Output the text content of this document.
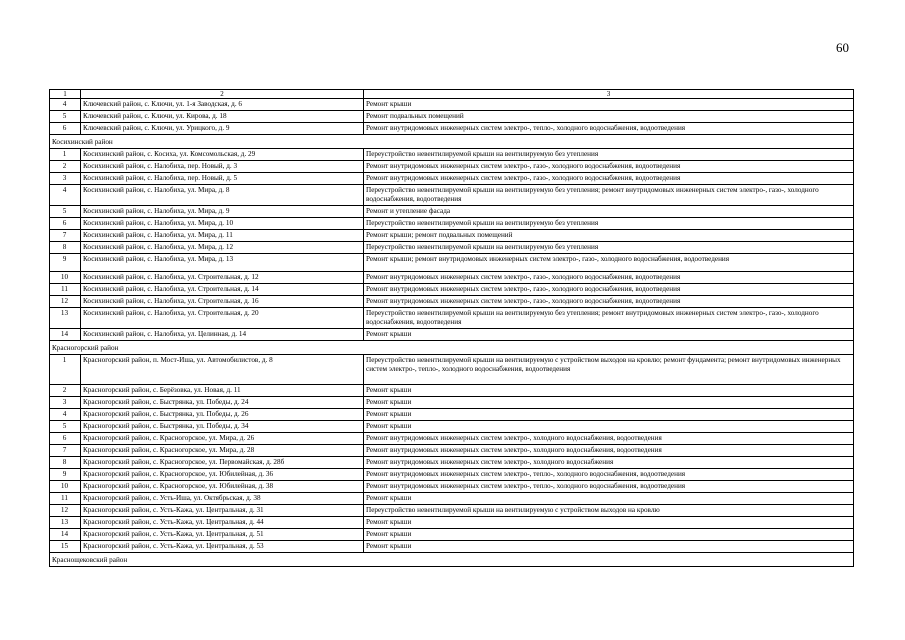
60
1	2	3
4	Ключевский район, с. Ключи, ул. 1-я Заводская, д. 6	Ремонт крыши
5	Ключевский район, с. Ключи, ул. Кирова, д. 18	Ремонт подвальных помещений
6	Ключевский район, с. Ключи, ул. Урицкого, д. 9	Ремонт внутридомовых инженерных систем электро-, тепло-, холодного водоснабжения, водоотведения
Косихинский район		
1	Косихинский район, с. Косиха, ул. Комсомольская, д. 29	Переустройство невентилируемой крыши на вентилируемую без утепления
2	Косихинский район, с. Налобиха, пер. Новый, д. 3	Ремонт внутридомовых инженерных систем электро-, газо-, холодного водоснабжения, водоотведения
3	Косихинский район, с. Налобиха, пер. Новый, д. 5	Ремонт внутридомовых инженерных систем электро-, газо-, холодного водоснабжения, водоотведения
4	Косихинский район, с. Налобиха, ул. Мира, д. 8	Переустройство невентилируемой крыши на вентилируемую без утепления; ремонт внутридомовых инженерных систем электро-, газо-, холодного водоснабжения, водоотведения
5	Косихинский район, с. Налобиха, ул. Мира, д. 9	Ремонт и утепление фасада
6	Косихинский район, с. Налобиха, ул. Мира, д. 10	Переустройство невентилируемой крыши на вентилируемую без утепления
7	Косихинский район, с. Налобиха, ул. Мира, д. 11	Ремонт крыши; ремонт подвальных помещений
8	Косихинский район, с. Налобиха, ул. Мира, д. 12	Переустройство невентилируемой крыши на вентилируемую без утепления
9	Косихинский район, с. Налобиха, ул. Мира, д. 13	Ремонт крыши; ремонт внутридомовых инженерных систем электро-, газо-, холодного водоснабжения, водоотведения
10	Косихинский район, с. Налобиха, ул. Строительная, д. 12	Ремонт внутридомовых инженерных систем электро-, газо-, холодного водоснабжения, водоотведения
11	Косихинский район, с. Налобиха, ул. Строительная, д. 14	Ремонт внутридомовых инженерных систем электро-, газо-, холодного водоснабжения, водоотведения
12	Косихинский район, с. Налобиха, ул. Строительная, д. 16	Ремонт внутридомовых инженерных систем электро-, газо-, холодного водоснабжения, водоотведения
13	Косихинский район, с. Налобиха, ул. Строительная, д. 20	Переустройство невентилируемой крыши на вентилируемую без утепления; ремонт внутридомовых инженерных систем электро-, газо-, холодного водоснабжения, водоотведения
14	Косихинский район, с. Налобиха, ул. Целинная, д. 14	Ремонт крыши
Красногорский район		
1	Красногорский район, п. Мост-Иша, ул. Автомобилистов, д. 8	Переустройство невентилируемой крыши на вентилируемую с устройством выходов на кровлю; ремонт фундамента; ремонт внутридомовых инженерных систем электро-, тепло-, холодного водоснабжения, водоотведения
2	Красногорский район, с. Берёзовка, ул. Новая, д. 11	Ремонт крыши
3	Красногорский район, с. Быстрянка, ул. Победы, д. 24	Ремонт крыши
4	Красногорский район, с. Быстрянка, ул. Победы, д. 26	Ремонт крыши
5	Красногорский район, с. Быстрянка, ул. Победы, д. 34	Ремонт крыши
6	Красногорский район, с. Красногорское, ул. Мира, д. 26	Ремонт внутридомовых инженерных систем электро-, холодного водоснабжения, водоотведения
7	Красногорский район, с. Красногорское, ул. Мира, д. 28	Ремонт внутридомовых инженерных систем электро-, холодного водоснабжения, водоотведения
8	Красногорский район, с. Красногорское, ул. Первомайская, д. 28б	Ремонт внутридомовых инженерных систем электро-, холодного водоснабжения
9	Красногорский район, с. Красногорское, ул. Юбилейная, д. 36	Ремонт внутридомовых инженерных систем электро-, тепло-, холодного водоснабжения, водоотведения
10	Красногорский район, с. Красногорское, ул. Юбилейная, д. 38	Ремонт внутридомовых инженерных систем электро-, тепло-, холодного водоснабжения, водоотведения
11	Красногорский район, с. Усть-Иша, ул. Октябрьская, д. 38	Ремонт крыши
12	Красногорский район, с. Усть-Кажа, ул. Центральная, д. 31	Переустройство невентилируемой крыши на вентилируемую с устройством выходов на кровлю
13	Красногорский район, с. Усть-Кажа, ул. Центральная, д. 44	Ремонт крыши
14	Красногорский район, с. Усть-Кажа, ул. Центральная, д. 51	Ремонт крыши
15	Красногорский район, с. Усть-Кажа, ул. Центральная, д. 53	Ремонт крыши
Краснощековский район		
